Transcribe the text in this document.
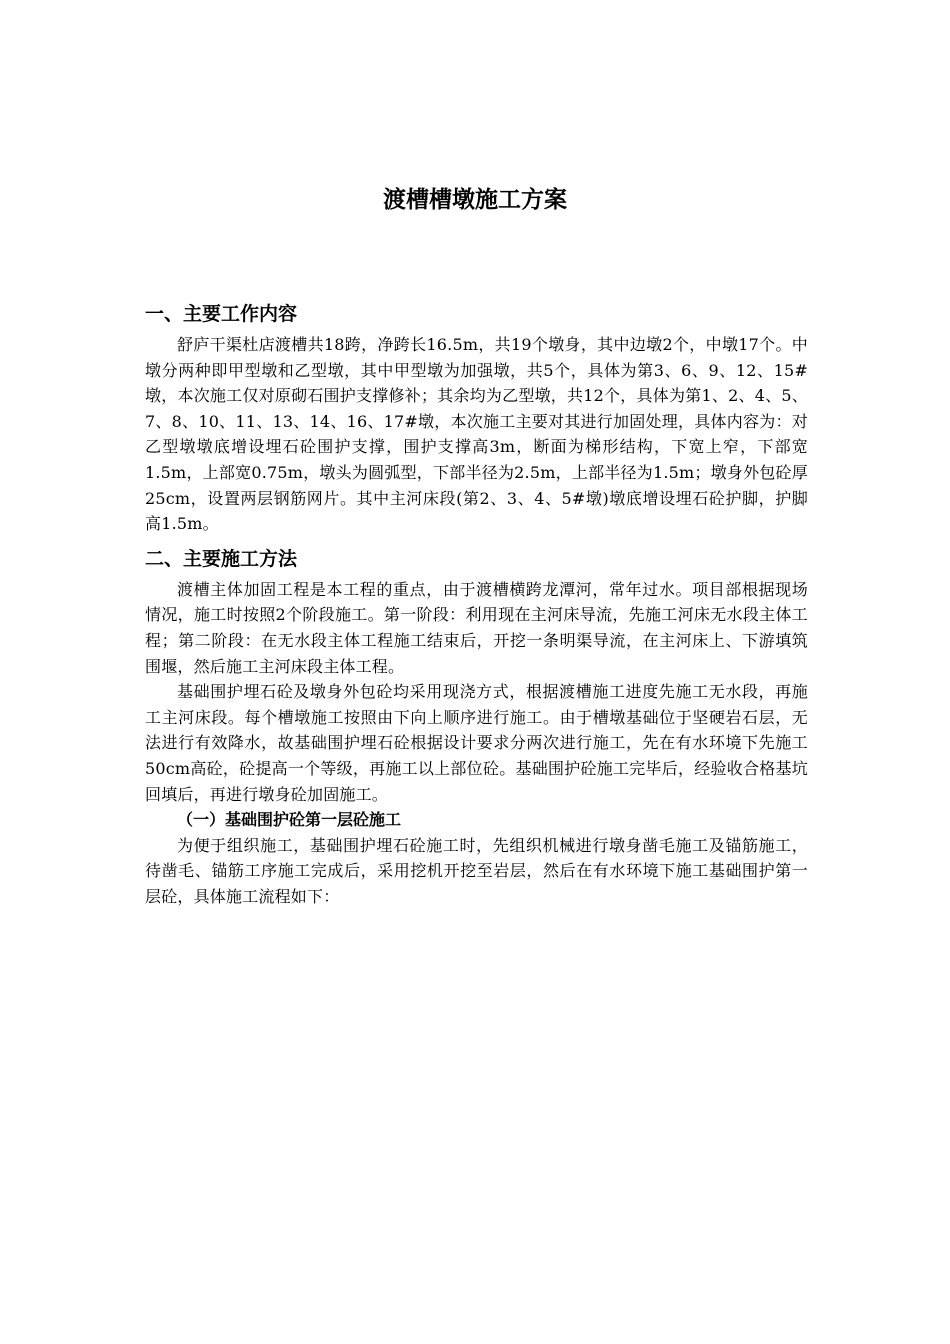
渡槽槽墩施工方案
一、主要工作内容

舒庐干渠杜店渡槽共18跨，净跨长16.5m，共19个墩身，其中边墩2个，中墩17个。中墩分两种即甲型墩和乙型墩，其中甲型墩为加强墩，共5个，具体为第3、6、9、12、15#墩，本次施工仅对原砌石围护支撑修补；其余均为乙型墩，共12个，具体为第1、2、4、5、7、8、10、11、13、14、16、17#墩，本次施工主要对其进行加固处理，具体内容为：对乙型墩墩底增设埋石砼围护支撑，围护支撑高3m，断面为梯形结构，下宽上窄，下部宽1.5m，上部宽0.75m，墩头为圆弧型，下部半径为2.5m，上部半径为1.5m；墩身外包砼厚25cm，设置两层钢筋网片。其中主河床段(第2、3、4、5#墩)墩底增设埋石砼护脚，护脚高1.5m。

二、主要施工方法

渡槽主体加固工程是本工程的重点，由于渡槽横跨龙潭河，常年过水。项目部根据现场情况，施工时按照2个阶段施工。第一阶段：利用现在主河床导流，先施工河床无水段主体工程；第二阶段：在无水段主体工程施工结束后，开挖一条明渠导流，在主河床上、下游填筑围堰，然后施工主河床段主体工程。

基础围护埋石砼及墩身外包砼均采用现浇方式，根据渡槽施工进度先施工无水段，再施工主河床段。每个槽墩施工按照由下向上顺序进行施工。由于槽墩基础位于坚硬岩石层，无法进行有效降水，故基础围护埋石砼根据设计要求分两次进行施工，先在有水环境下先施工50cm高砼，砼提高一个等级，再施工以上部位砼。基础围护砼施工完毕后，经验收合格基坑回填后，再进行墩身砼加固施工。

（一）基础围护砼第一层砼施工

为便于组织施工，基础围护埋石砼施工时，先组织机械进行墩身凿毛施工及锚筋施工，待凿毛、锚筋工序施工完成后，采用挖机开挖至岩层，然后在有水环境下施工基础围护第一层砼，具体施工流程如下：
